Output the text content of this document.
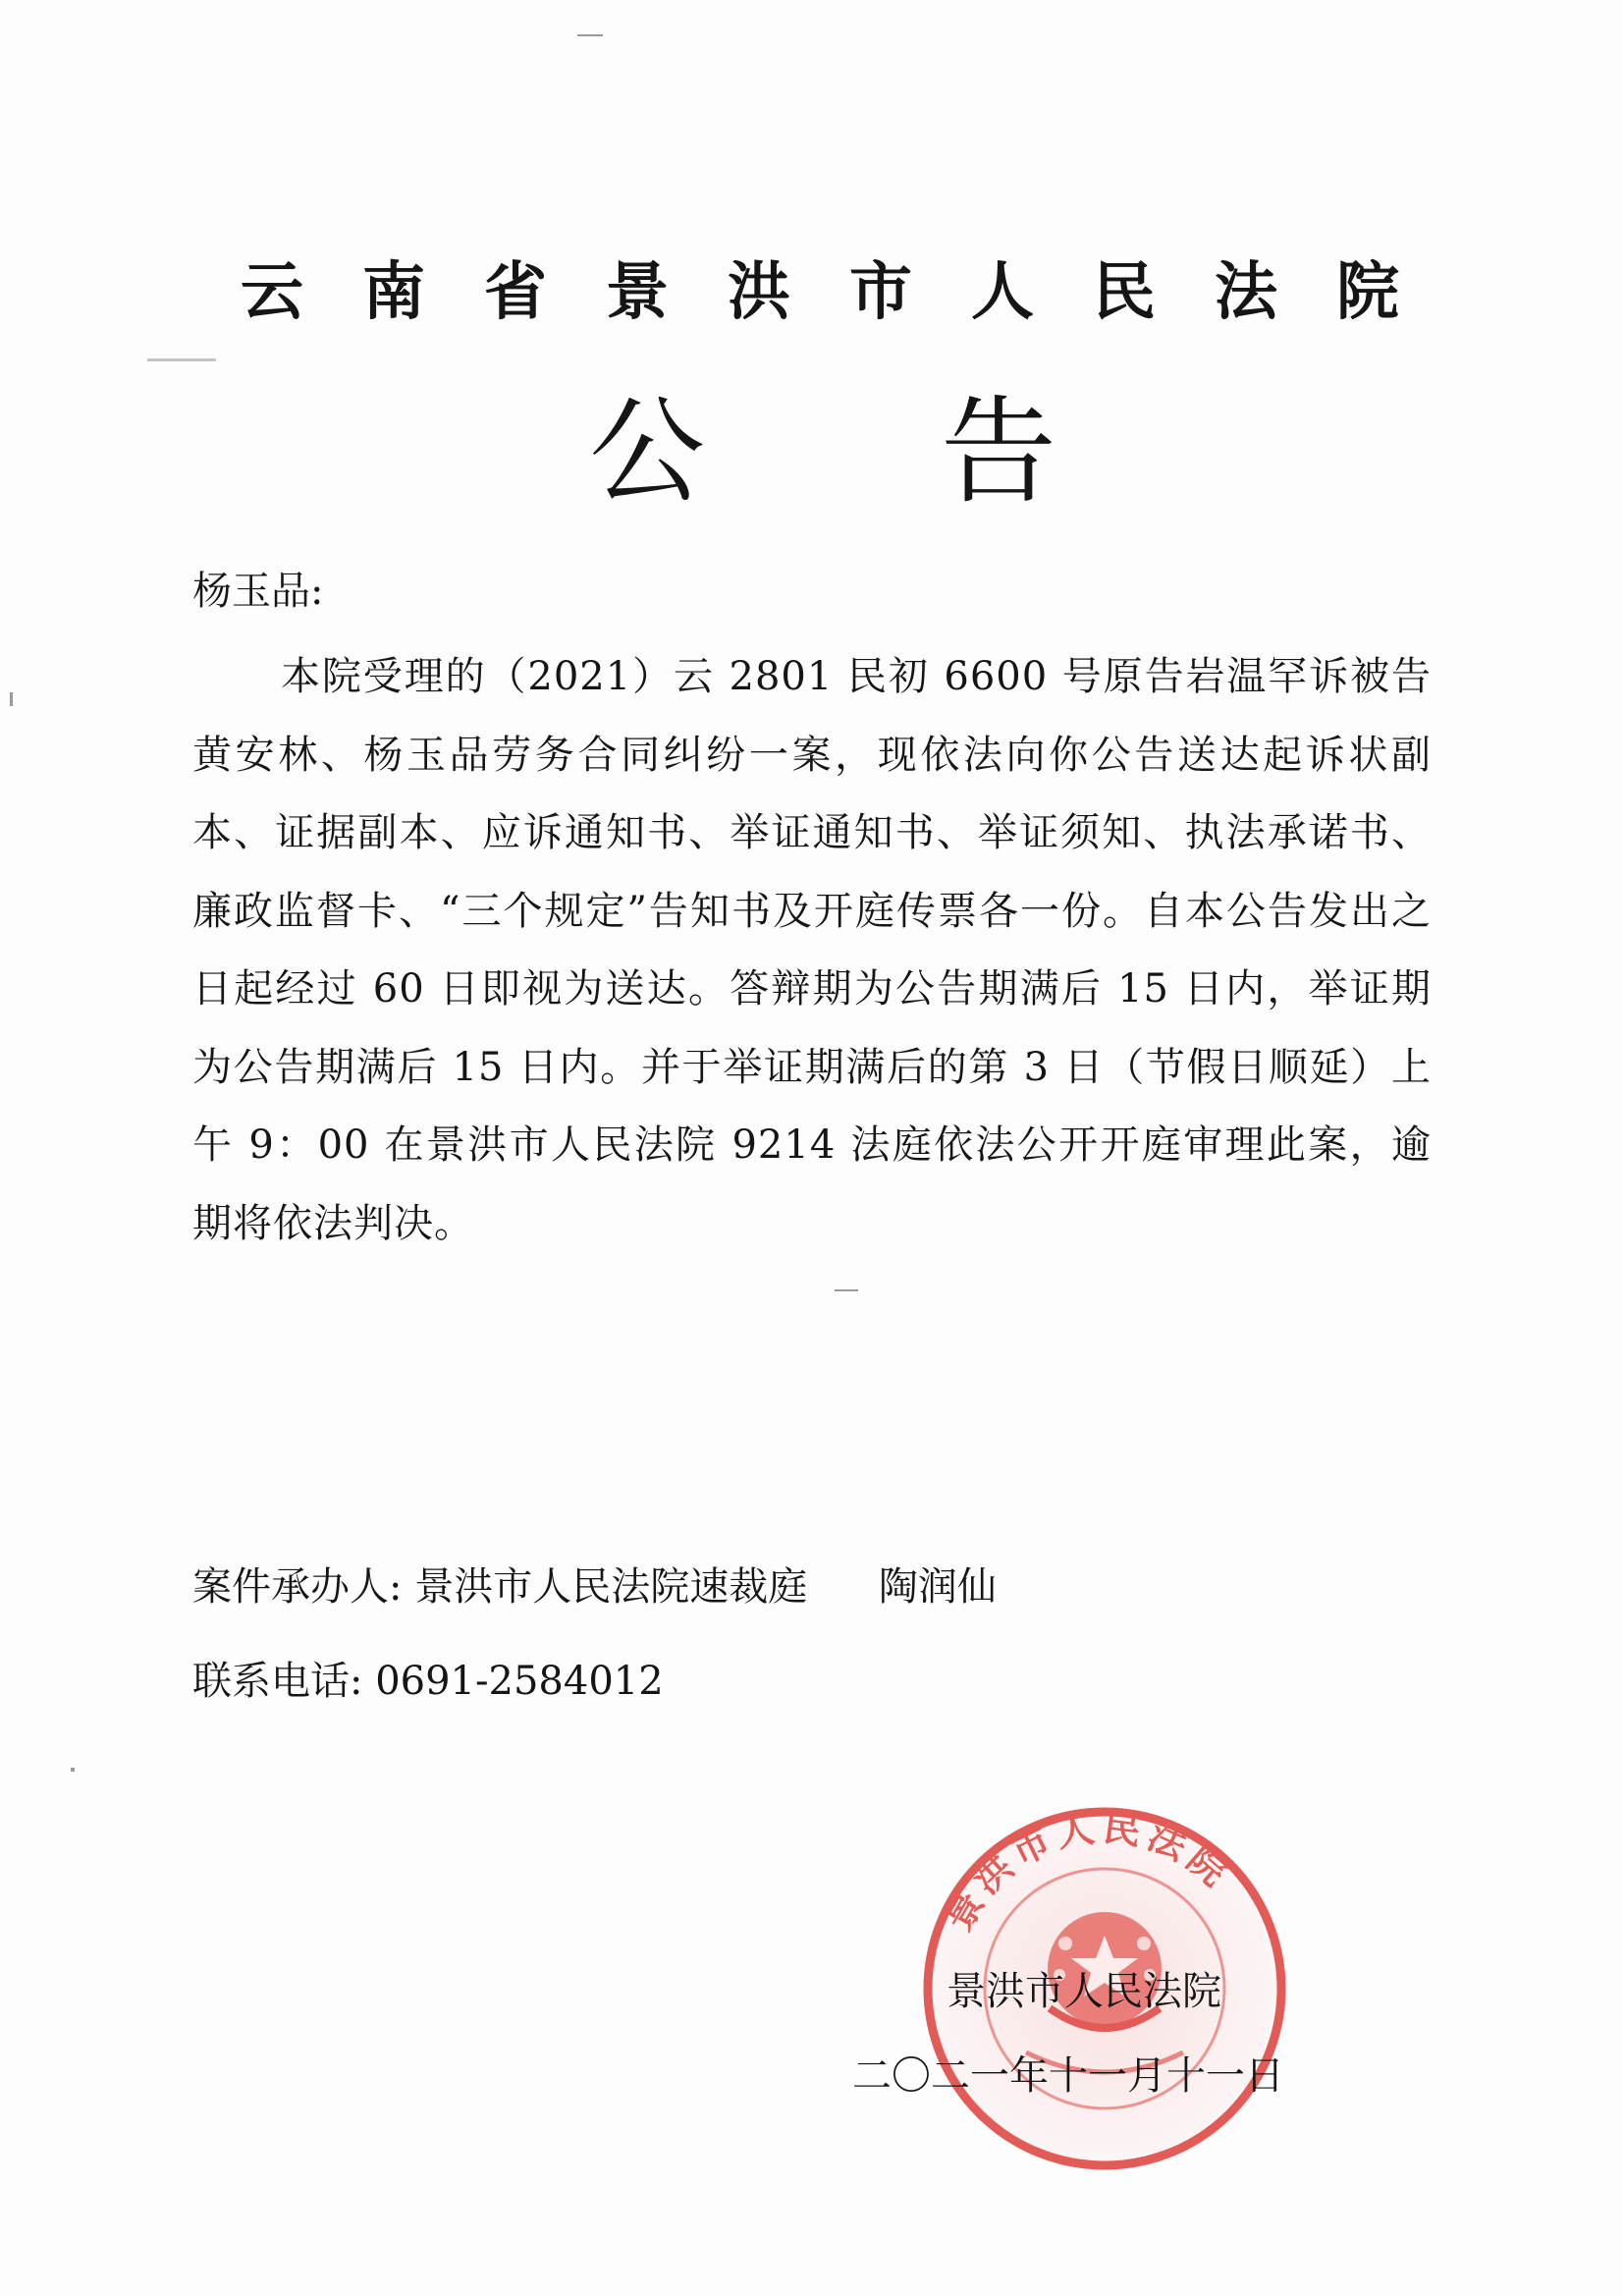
云南省景洪市人民法院
公告
杨玉品:
本院受理的（2021）云 2801 民初 6600 号原告岩温罕诉被告黄安林、杨玉品劳务合同纠纷一案，现依法向你公告送达起诉状副本、证据副本、应诉通知书、举证通知书、举证须知、执法承诺书、廉政监督卡、“三个规定”告知书及开庭传票各一份。自本公告发出之日起经过 60 日即视为送达。答辩期为公告期满后 15 日内，举证期为公告期满后 15 日内。并于举证期满后的第 3 日（节假日顺延）上午 9：00 在景洪市人民法院 9214 法庭依法公开开庭审理此案，逾期将依法判决。
案件承办人: 景洪市人民法院速裁庭 陶润仙
联系电话: 0691-2584012
景洪市人民法院
景洪市人民法院
二〇二一年十一月十一日
